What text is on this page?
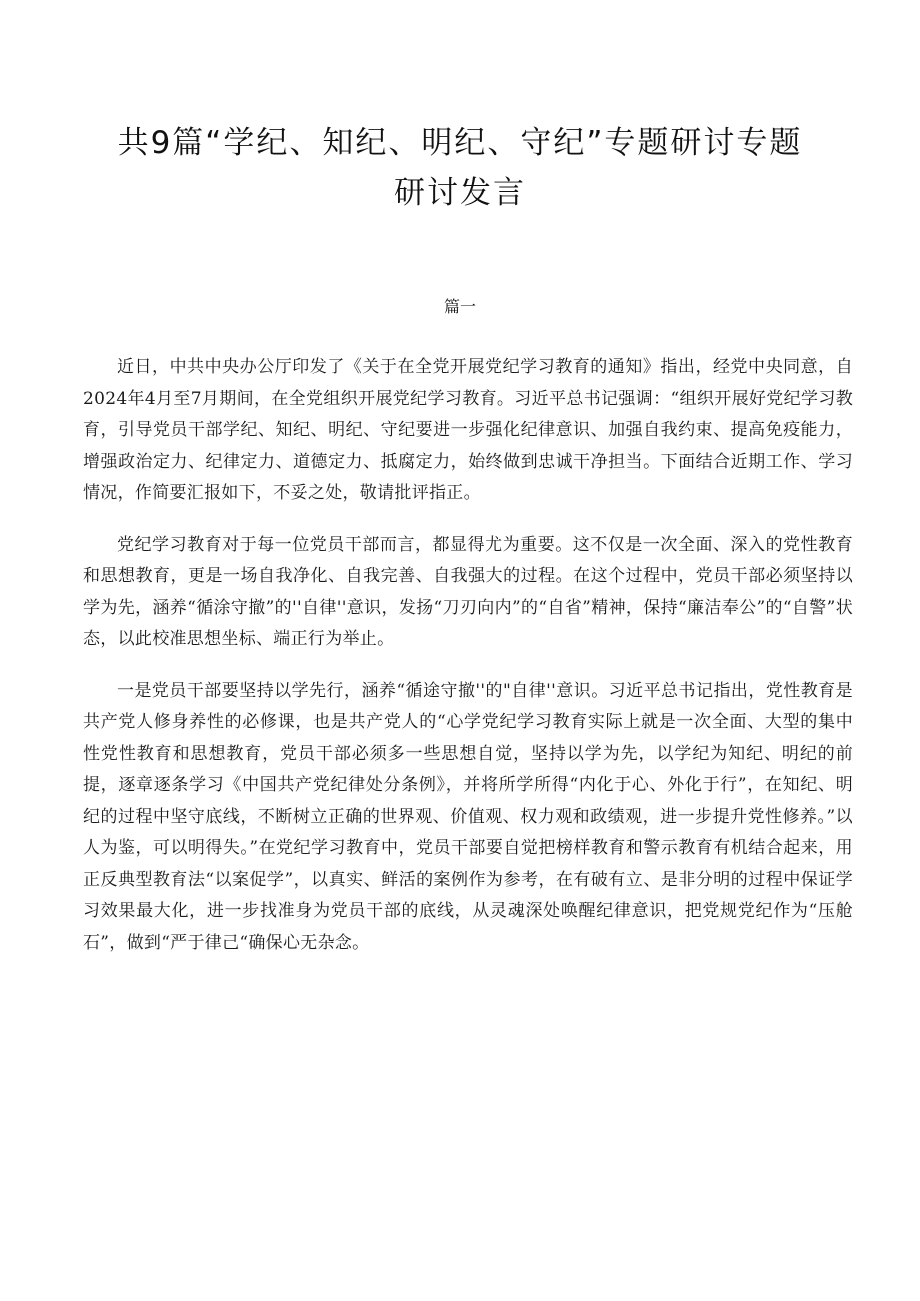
共9篇“学纪、知纪、明纪、守纪”专题研讨专题
研讨发言
篇一

近日，中共中央办公厅印发了《关于在全党开展党纪学习教育的通知》指出，经党中央同意，自2024年4月至7月期间，在全党组织开展党纪学习教育。习近平总书记强调：“组织开展好党纪学习教育，引导党员干部学纪、知纪、明纪、守纪要进一步强化纪律意识、加强自我约束、提高免疫能力，增强政治定力、纪律定力、道德定力、抵腐定力，始终做到忠诚干净担当。下面结合近期工作、学习情况，作简要汇报如下，不妥之处，敬请批评指正。

党纪学习教育对于每一位党员干部而言，都显得尤为重要。这不仅是一次全面、深入的党性教育和思想教育，更是一场自我净化、自我完善、自我强大的过程。在这个过程中，党员干部必须坚持以学为先，涵养“循涂守撤”的''自律''意识，发扬“刀刃向内”的“自省”精神，保持“廉洁奉公”的“自警”状态，以此校准思想坐标、端正行为举止。

一是党员干部要坚持以学先行，涵养“循途守撤''的"自律''意识。习近平总书记指出，党性教育是共产党人修身养性的必修课，也是共产党人的“心学党纪学习教育实际上就是一次全面、大型的集中性党性教育和思想教育，党员干部必须多一些思想自觉，坚持以学为先，以学纪为知纪、明纪的前提，逐章逐条学习《中国共产党纪律处分条例》，并将所学所得“内化于心、外化于行”，在知纪、明纪的过程中坚守底线，不断树立正确的世界观、价值观、权力观和政绩观，进一步提升党性修养。”以人为鉴，可以明得失。”在党纪学习教育中，党员干部要自觉把榜样教育和警示教育有机结合起来，用正反典型教育法“以案促学”，以真实、鲜活的案例作为参考，在有破有立、是非分明的过程中保证学习效果最大化，进一步找准身为党员干部的底线，从灵魂深处唤醒纪律意识，把党规党纪作为“压舱石”，做到“严于律己“确保心无杂念。
